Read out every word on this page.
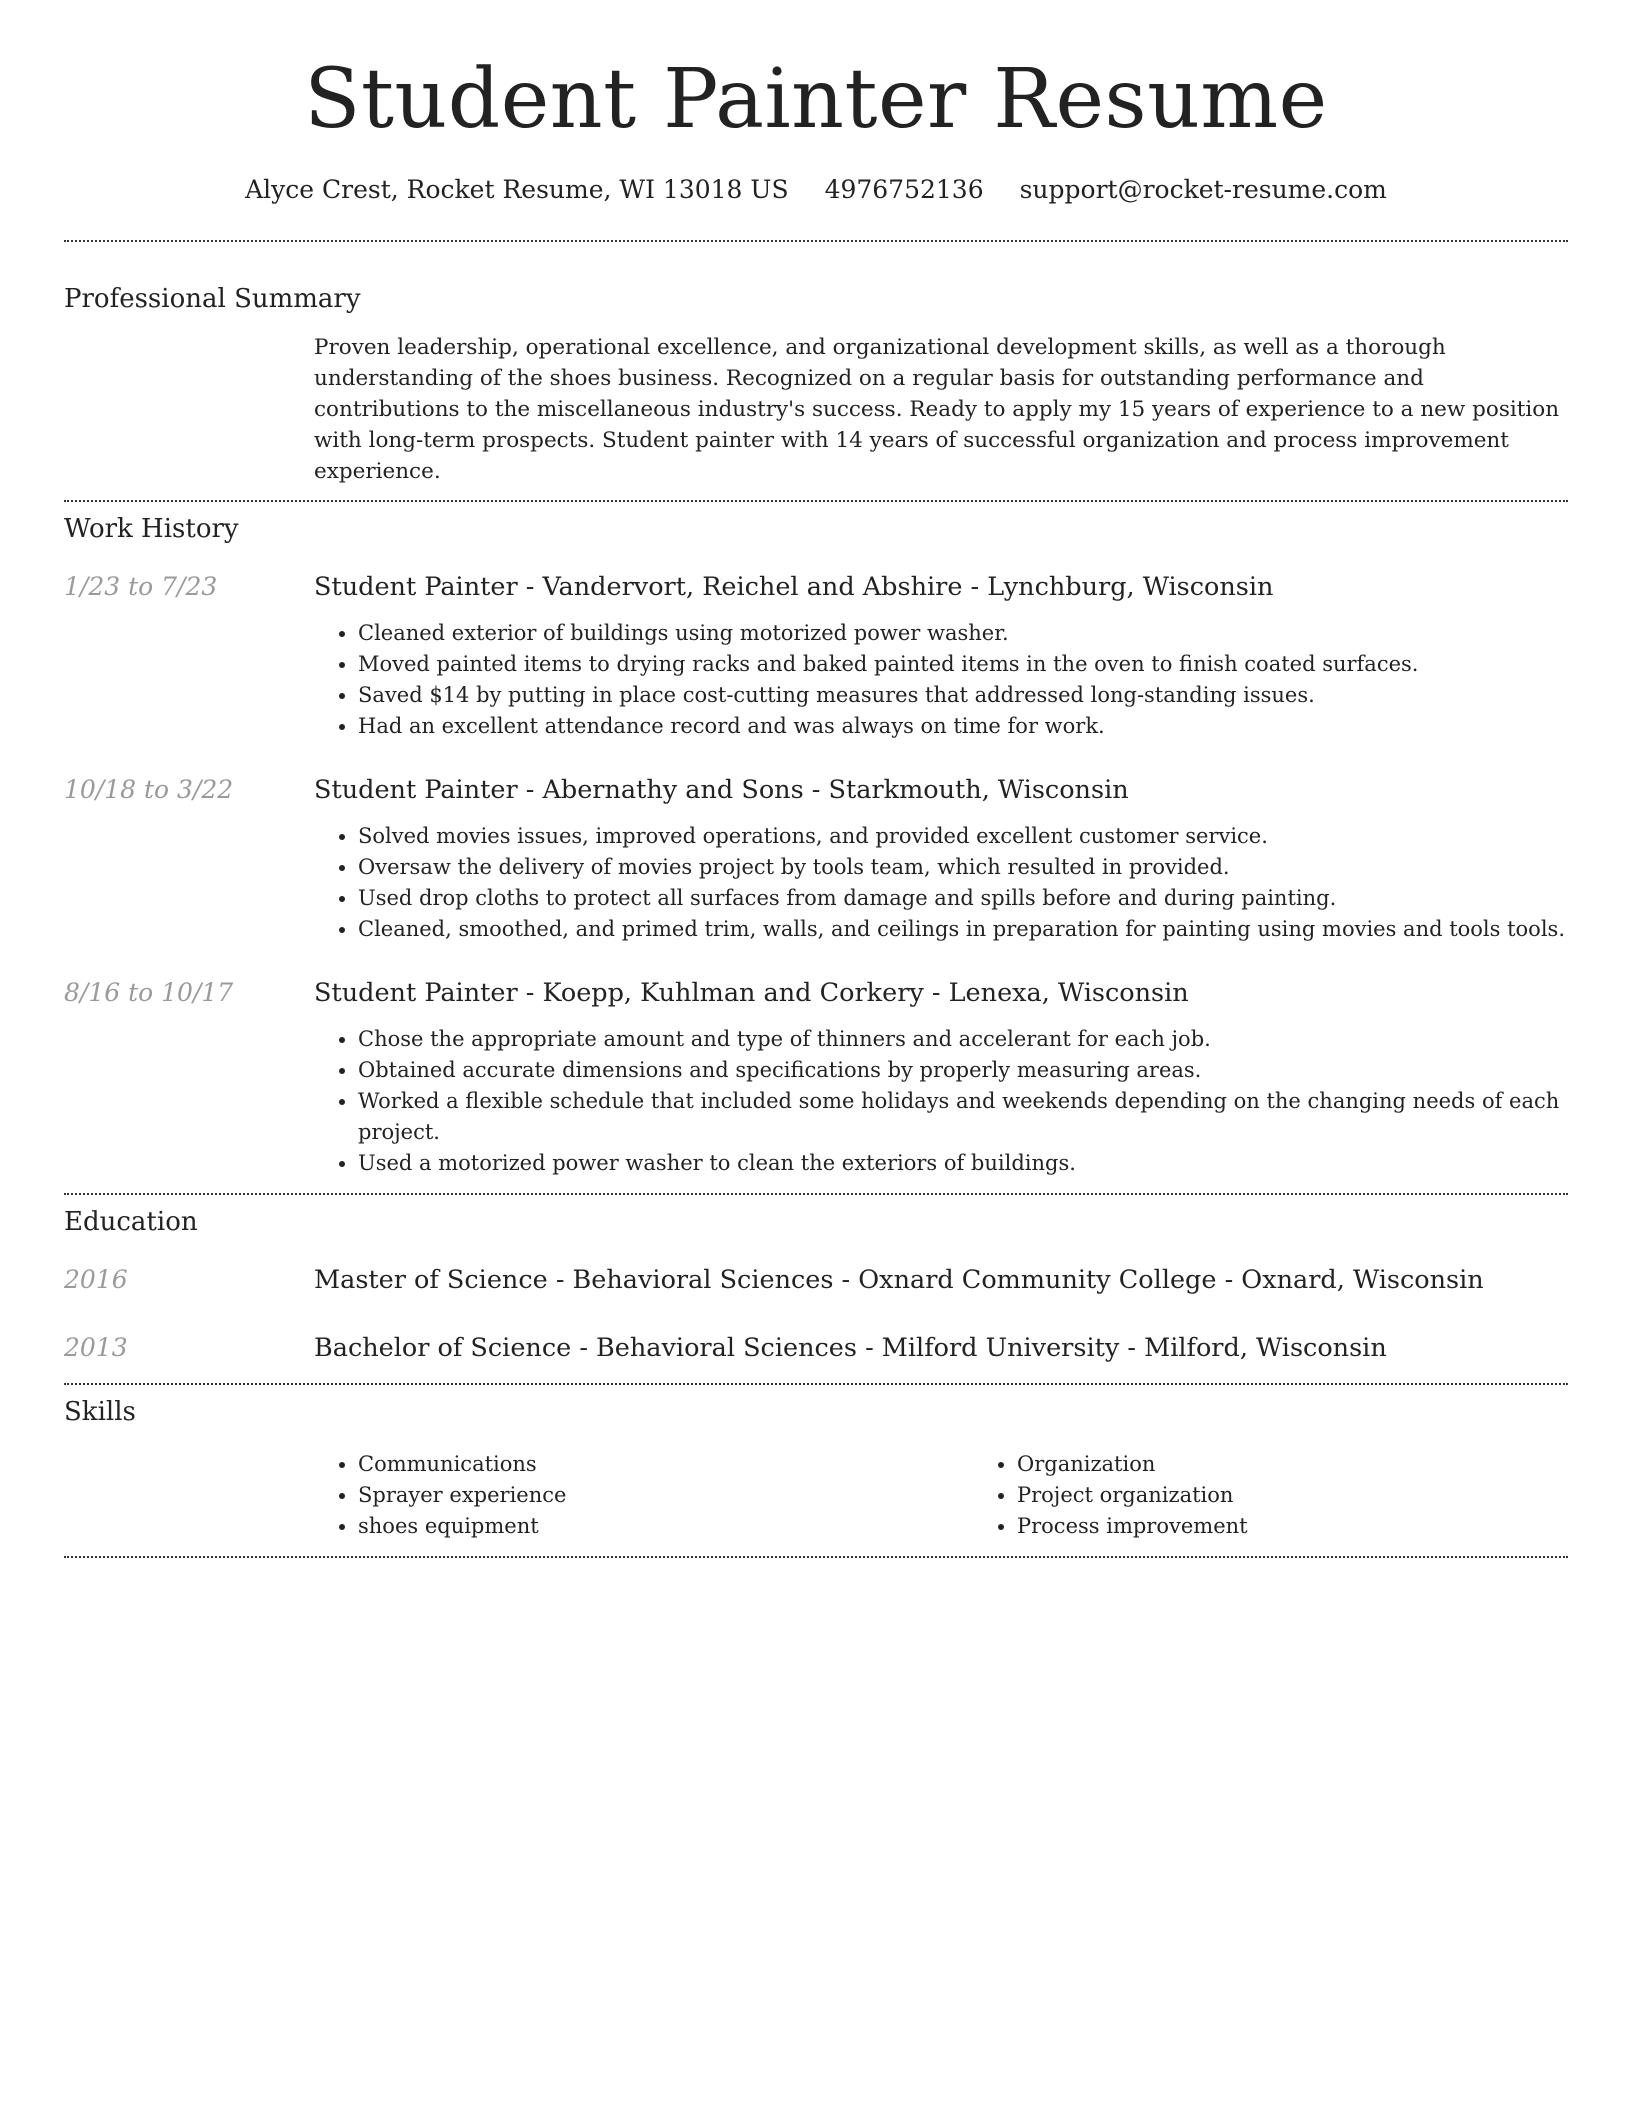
Student Painter Resume
Alyce Crest, Rocket Resume, WI 13018 US 4976752136 support@rocket-resume.com
Professional Summary

Proven leadership, operational excellence, and organizational development skills, as well as a thorough understanding of the shoes business. Recognized on a regular basis for outstanding performance and contributions to the miscellaneous industry's success. Ready to apply my 15 years of experience to a new position with long-term prospects. Student painter with 14 years of successful organization and process improvement experience.

Work History
1/23 to 7/23	Student Painter - Vandervort, Reichel and Abshire - Lynchburg, Wisconsin
• Cleaned exterior of buildings using motorized power washer.
• Moved painted items to drying racks and baked painted items in the oven to finish coated surfaces.
• Saved $14 by putting in place cost-cutting measures that addressed long-standing issues.
• Had an excellent attendance record and was always on time for work.
10/18 to 3/22	Student Painter - Abernathy and Sons - Starkmouth, Wisconsin
• Solved movies issues, improved operations, and provided excellent customer service.
• Oversaw the delivery of movies project by tools team, which resulted in provided.
• Used drop cloths to protect all surfaces from damage and spills before and during painting.
• Cleaned, smoothed, and primed trim, walls, and ceilings in preparation for painting using movies and tools tools.
8/16 to 10/17	Student Painter - Koepp, Kuhlman and Corkery - Lenexa, Wisconsin
• Chose the appropriate amount and type of thinners and accelerant for each job.
• Obtained accurate dimensions and specifications by properly measuring areas.
• Worked a flexible schedule that included some holidays and weekends depending on the changing needs of each project.
• Used a motorized power washer to clean the exteriors of buildings.
Education
2016	Master of Science - Behavioral Sciences - Oxnard Community College - Oxnard, Wisconsin
2013	Bachelor of Science - Behavioral Sciences - Milford University - Milford, Wisconsin
Skills
• Communications
• Sprayer experience
• shoes equipment
• Organization
• Project organization
• Process improvement
